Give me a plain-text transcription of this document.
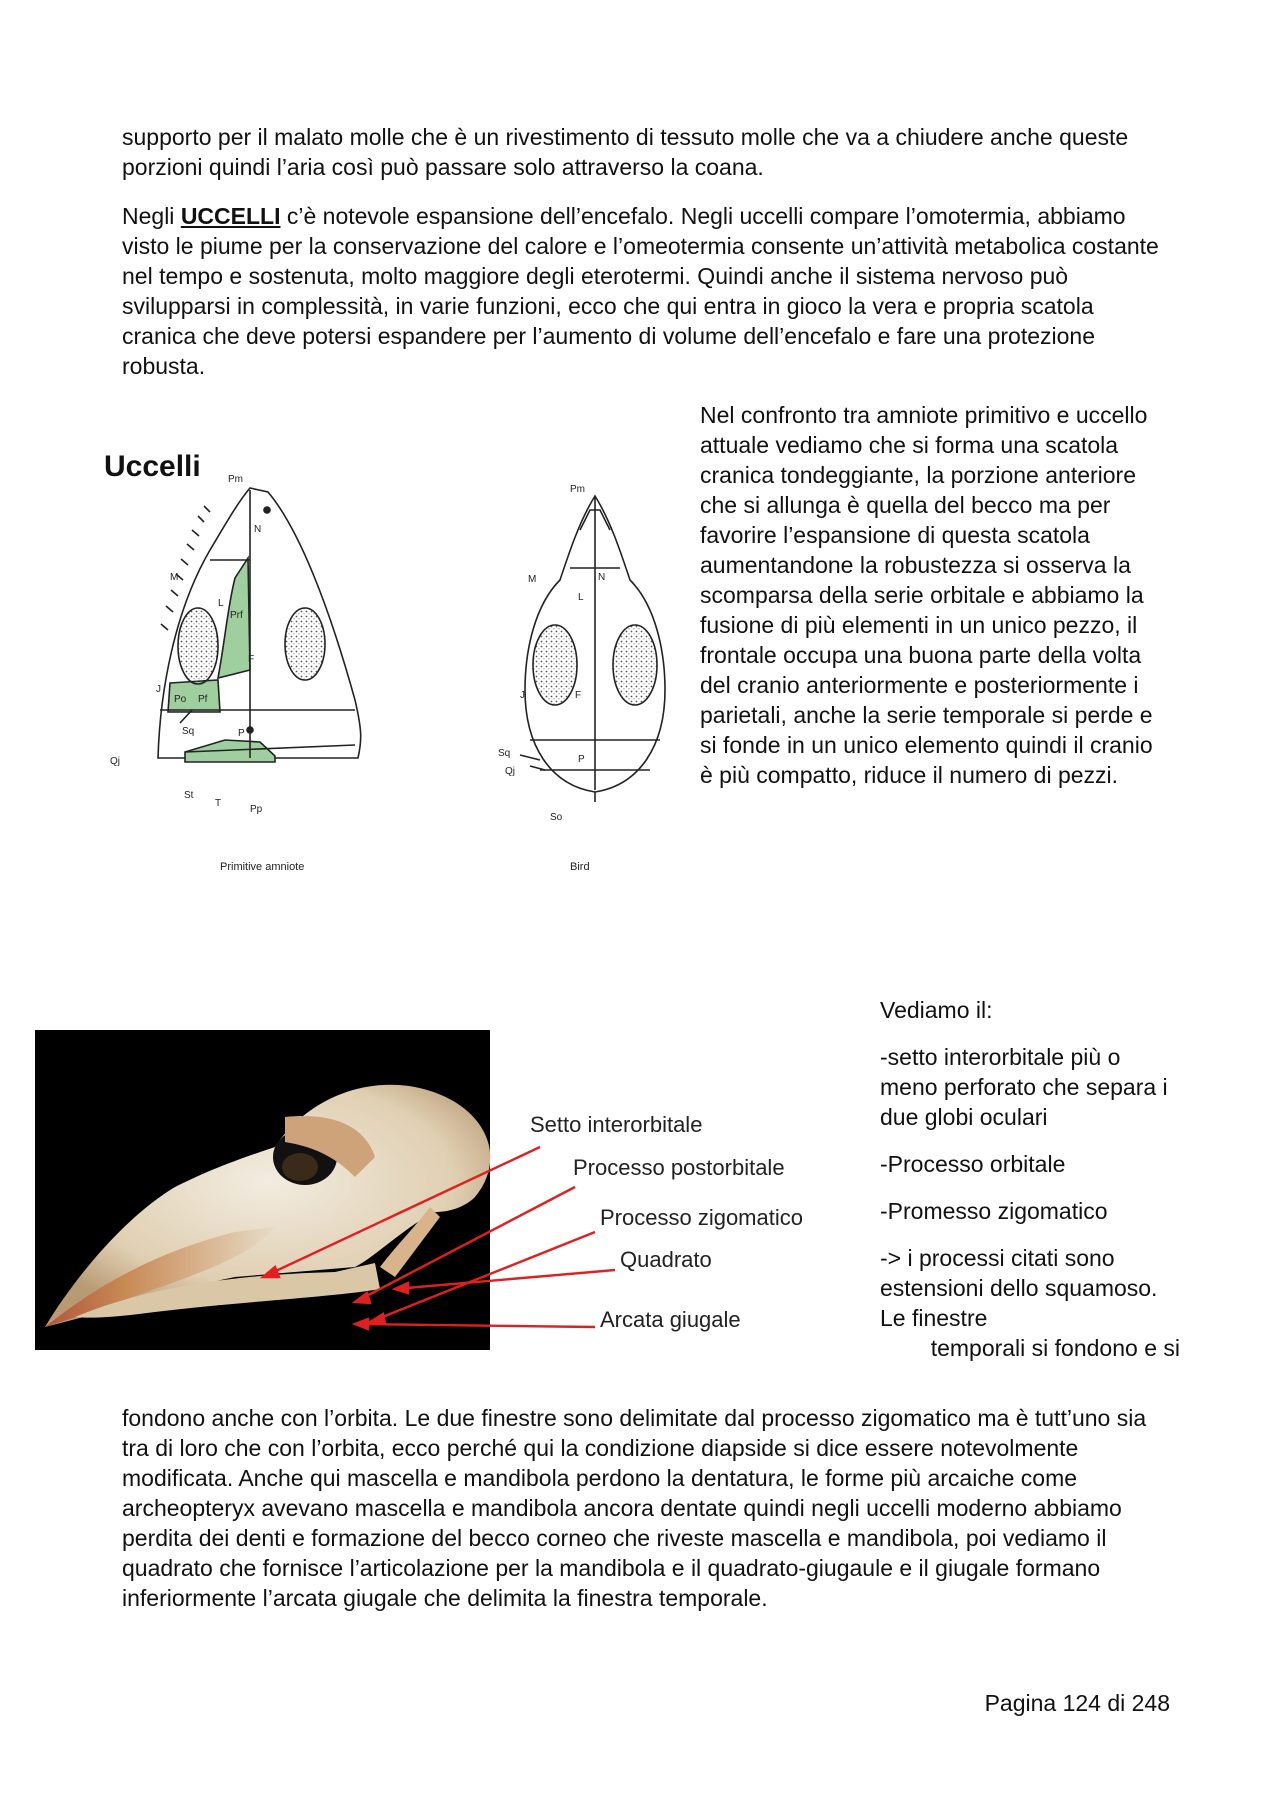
supporto per il malato molle che è un rivestimento di tessuto molle che va a chiudere anche queste porzioni quindi l’aria così può passare solo attraverso la coana.

Negli UCCELLI c’è notevole espansione dell’encefalo. Negli uccelli compare l’omotermia, abbiamo visto le piume per la conservazione del calore e l’omeotermia consente un’attività metabolica costante nel tempo e sostenuta, molto maggiore degli eterotermi. Quindi anche il sistema nervoso può svilupparsi in complessità, in varie funzioni, ecco che qui entra in gioco la vera e propria scatola cranica che deve potersi espandere per l’aumento di volume dell’encefalo e fare una protezione robusta.

Uccelli	Pm
N
M
L
Prf
F
J
Po Pf
Sq	P
Qj
St
T
Pp
Primitive amniote
Pm
N
M
L
F
J
Sq
Qj
P
So
Bird

Nel confronto tra amniote primitivo e uccello attuale vediamo che si forma una scatola cranica tondeggiante, la porzione anteriore che si allunga è quella del becco ma per favorire l’espansione di questa scatola aumentandone la robustezza si osserva la scomparsa della serie orbitale e abbiamo la fusione di più elementi in un unico pezzo, il frontale occupa una buona parte della volta del cranio anteriormente e posteriormente i parietali, anche la serie temporale si perde e si fonde in un unico elemento quindi il cranio è più compatto, riduce il numero di pezzi.

Setto interorbitale
Processo postorbitale
Processo zigomatico
Quadrato
Arcata giugale

Vediamo il:

-setto interorbitale più o meno perforato che separa i due globi oculari

-Processo orbitale

-Promesso zigomatico

-> i processi citati sono estensioni dello squamoso. Le finestre
temporali si fondono e si

fondono anche con l’orbita. Le due finestre sono delimitate dal processo zigomatico ma è tutt’uno sia tra di loro che con l’orbita, ecco perché qui la condizione diapside si dice essere notevolmente modificata. Anche qui mascella e mandibola perdono la dentatura, le forme più arcaiche come archeopteryx avevano mascella e mandibola ancora dentate quindi negli uccelli moderno abbiamo perdita dei denti e formazione del becco corneo che riveste mascella e mandibola, poi vediamo il quadrato che fornisce l’articolazione per la mandibola e il quadrato-giugaule e il giugale formano inferiormente l’arcata giugale che delimita la finestra temporale.

Pagina 124 di 248
